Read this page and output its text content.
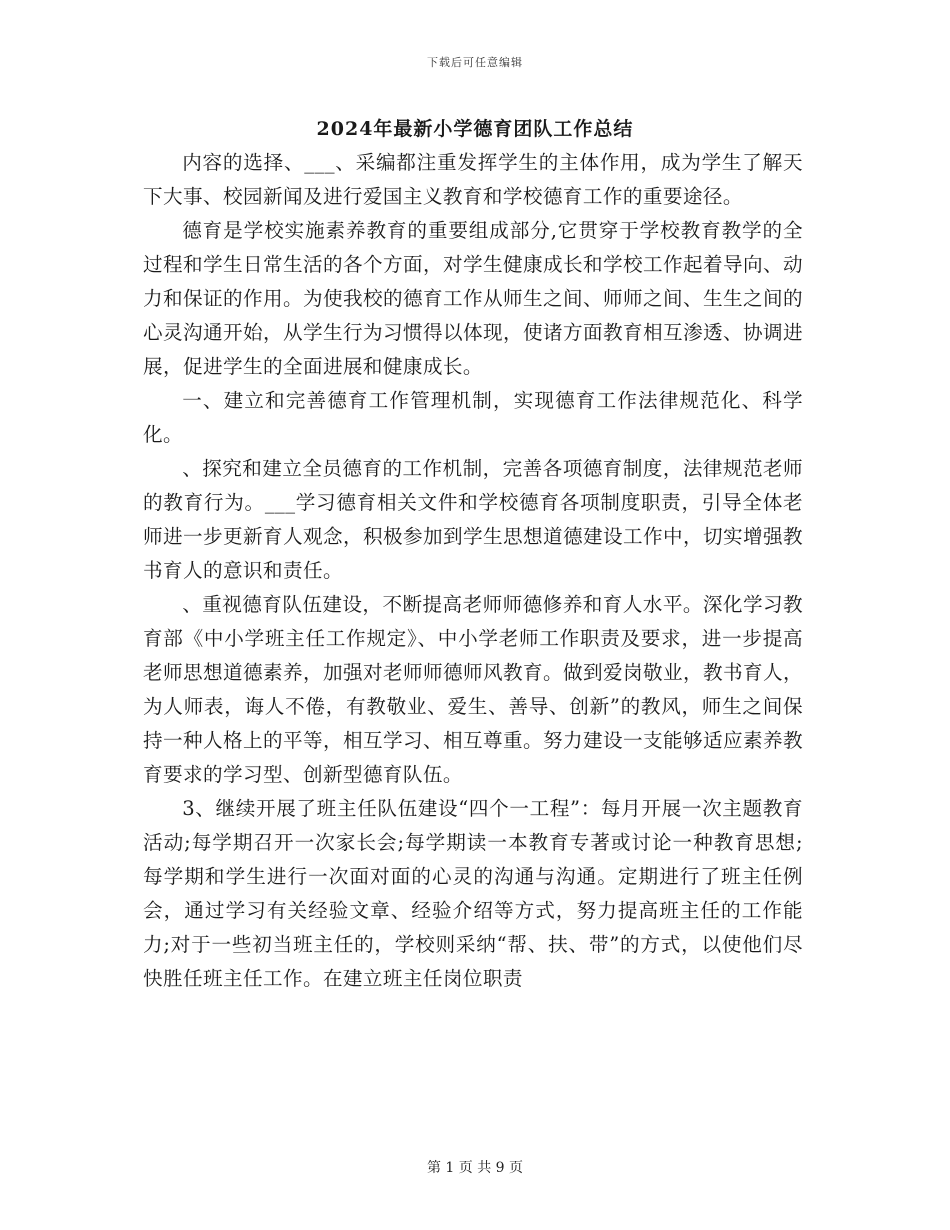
下载后可任意编辑
2024年最新小学德育团队工作总结

内容的选择、___、采编都注重发挥学生的主体作用，成为学生了解天下大事、校园新闻及进行爱国主义教育和学校德育工作的重要途径。

德育是学校实施素养教育的重要组成部分,它贯穿于学校教育教学的全过程和学生日常生活的各个方面，对学生健康成长和学校工作起着导向、动力和保证的作用。为使我校的德育工作从师生之间、师师之间、生生之间的心灵沟通开始，从学生行为习惯得以体现，使诸方面教育相互渗透、协调进展，促进学生的全面进展和健康成长。

一、建立和完善德育工作管理机制，实现德育工作法律规范化、科学化。

、探究和建立全员德育的工作机制，完善各项德育制度，法律规范老师的教育行为。___学习德育相关文件和学校德育各项制度职责，引导全体老师进一步更新育人观念，积极参加到学生思想道德建设工作中，切实增强教书育人的意识和责任。

、重视德育队伍建设，不断提高老师师德修养和育人水平。深化学习教育部《中小学班主任工作规定》、中小学老师工作职责及要求，进一步提高老师思想道德素养，加强对老师师德师风教育。做到爱岗敬业，教书育人，为人师表，诲人不倦，有教敬业、爱生、善导、创新”的教风，师生之间保持一种人格上的平等，相互学习、相互尊重。努力建设一支能够适应素养教育要求的学习型、创新型德育队伍。

3、继续开展了班主任队伍建设“四个一工程”：每月开展一次主题教育活动;每学期召开一次家长会;每学期读一本教育专著或讨论一种教育思想;每学期和学生进行一次面对面的心灵的沟通与沟通。定期进行了班主任例会，通过学习有关经验文章、经验介绍等方式，努力提高班主任的工作能力;对于一些初当班主任的，学校则采纳“帮、扶、带”的方式，以使他们尽快胜任班主任工作。在建立班主任岗位职责

第 1 页 共 9 页
